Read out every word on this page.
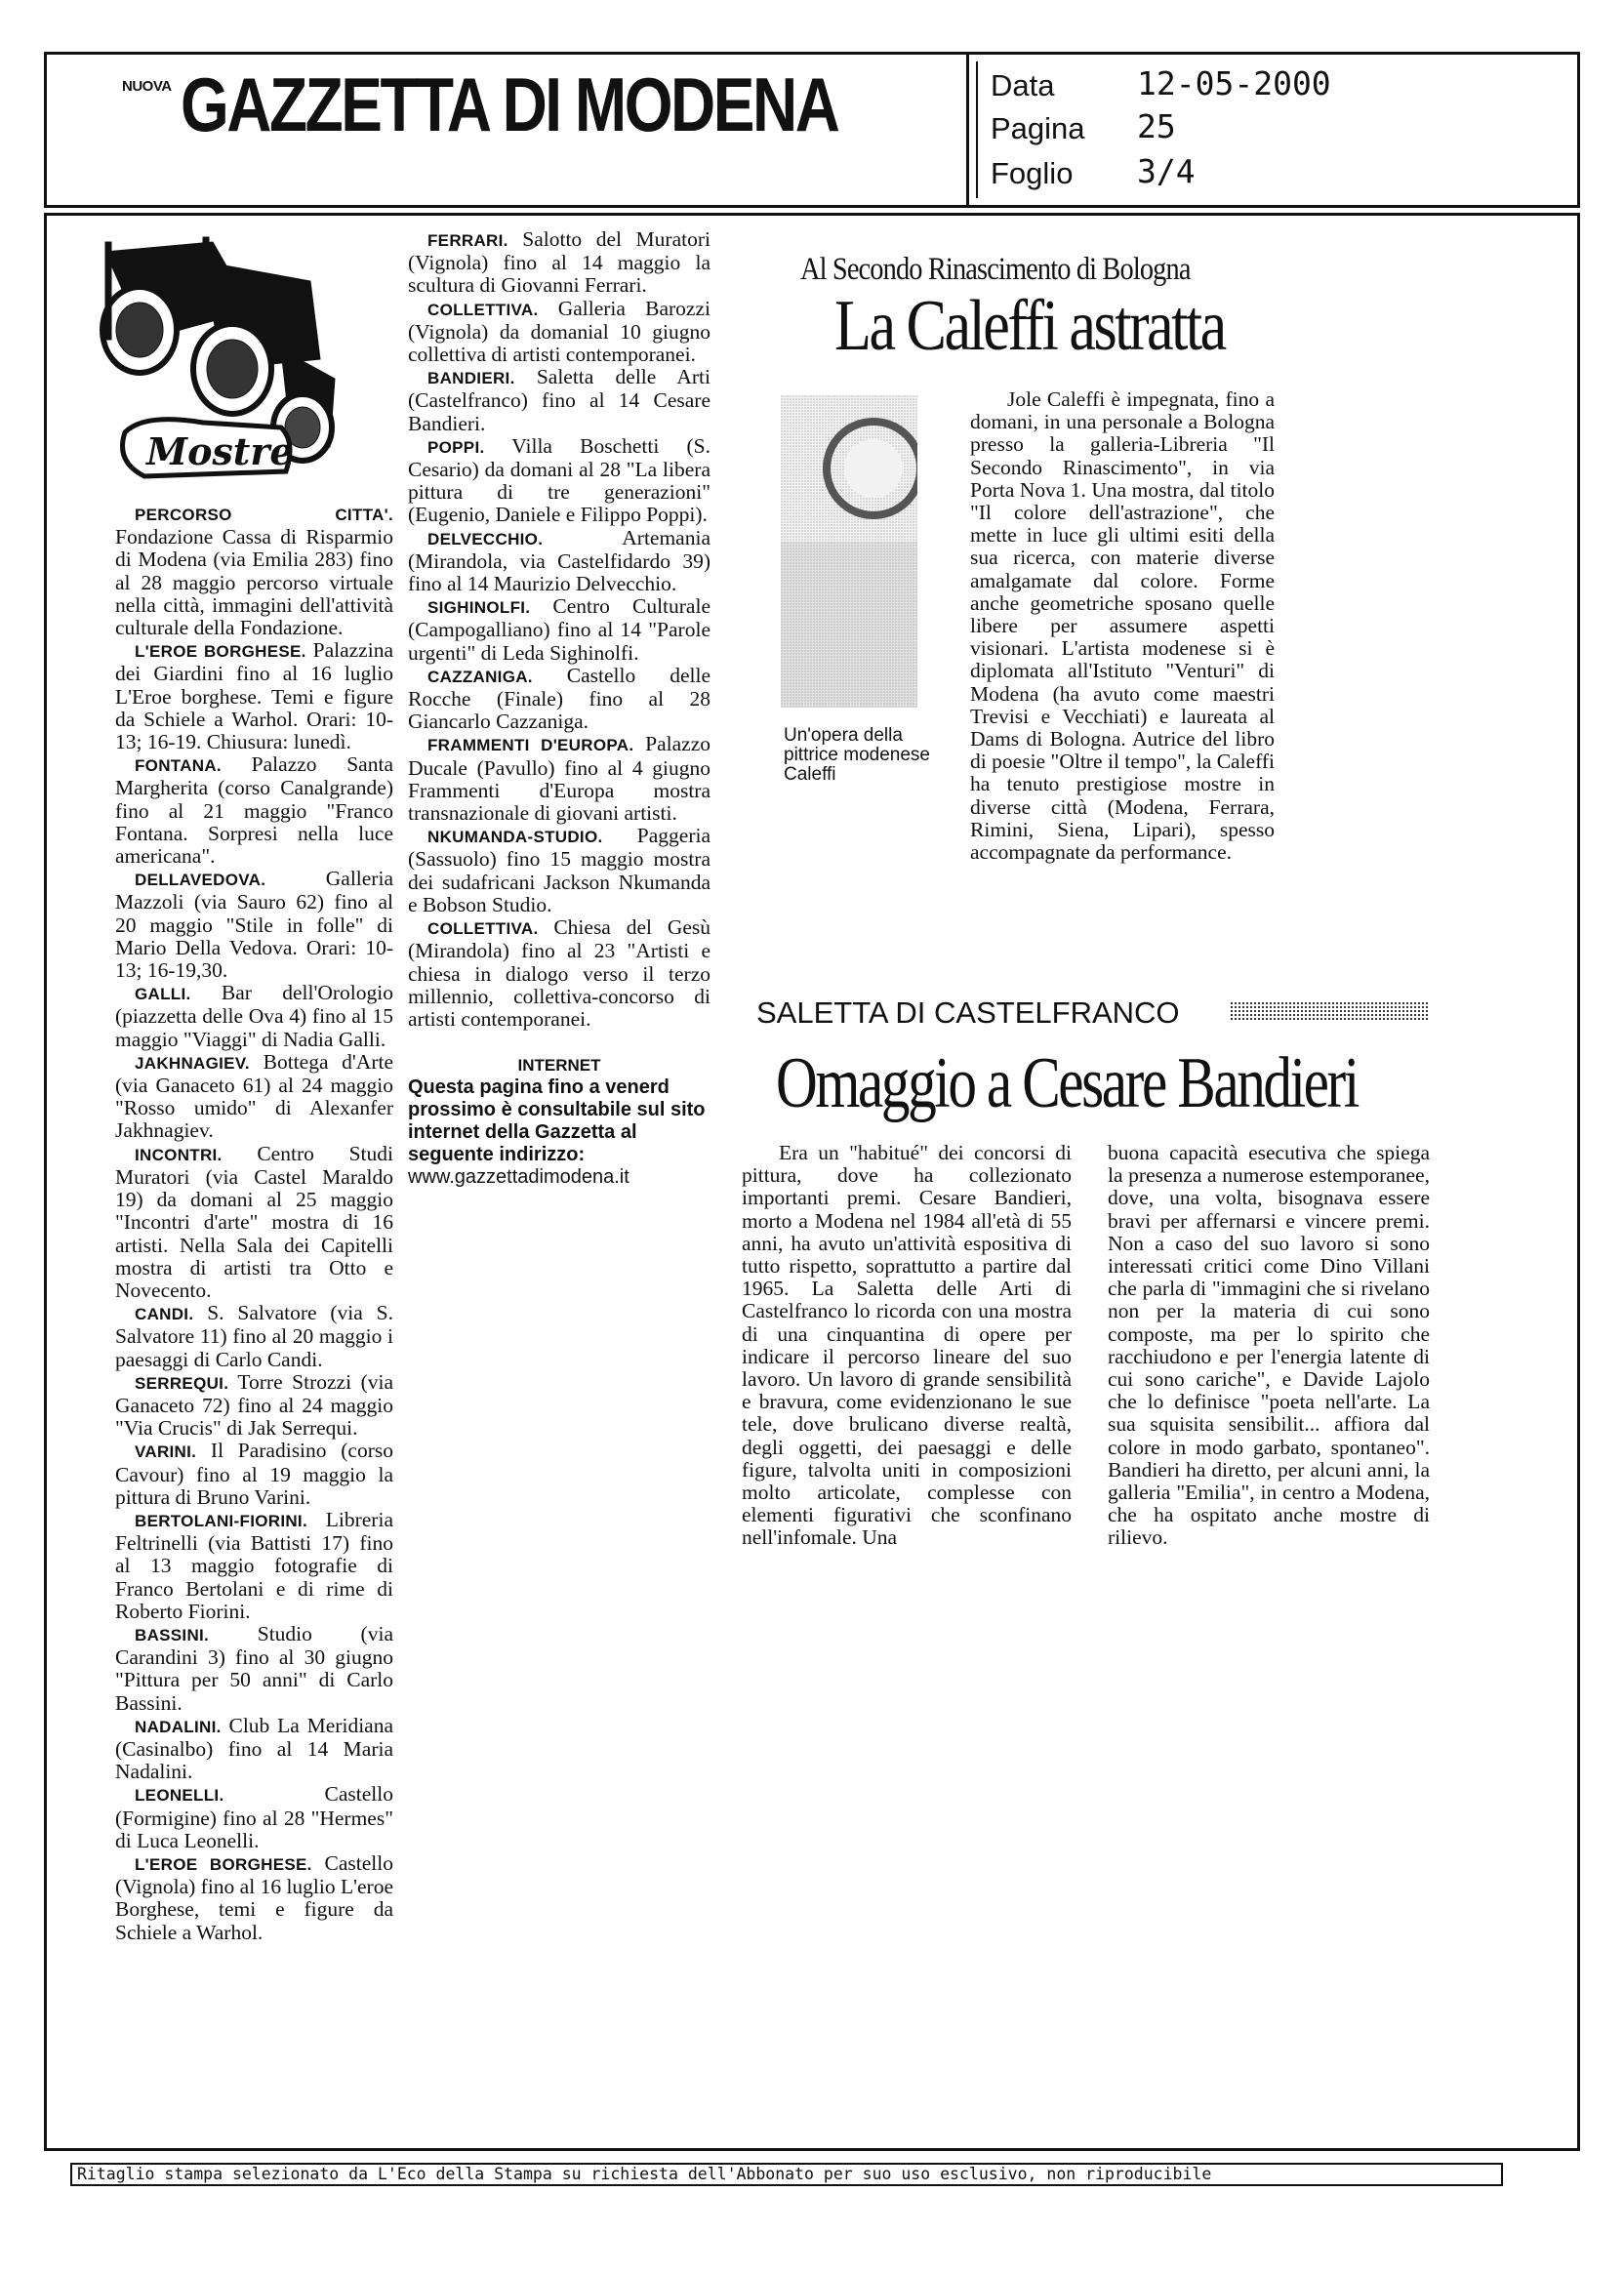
NUOVA GAZZETTA DI MODENA	Data	12-05-2000
Pagina 25
Foglio 3/4
Mostre

PERCORSO CITTA'. Fondazione Cassa di Risparmio di Modena (via Emilia 283) fino al 28 maggio percorso virtuale nella città, immagini dell'attività culturale della Fondazione.

L'EROE BORGHESE. Palazzina dei Giardini fino al 16 luglio L'Eroe borghese. Temi e figure da Schiele a Warhol. Orari: 10-13; 16-19. Chiusura: lunedì.

FONTANA. Palazzo Santa Margherita (corso Canalgrande) fino al 21 maggio "Franco Fontana. Sorpresi nella luce americana".

DELLAVEDOVA. Galleria Mazzoli (via Sauro 62) fino al 20 maggio "Stile in folle" di Mario Della Vedova. Orari: 10-13; 16-19,30.

GALLI. Bar dell'Orologio (piazzetta delle Ova 4) fino al 15 maggio "Viaggi" di Nadia Galli.

JAKHNAGIEV. Bottega d'Arte (via Ganaceto 61) al 24 maggio "Rosso umido" di Alexanfer Jakhnagiev.

INCONTRI. Centro Studi Muratori (via Castel Maraldo 19) da domani al 25 maggio "Incontri d'arte" mostra di 16 artisti. Nella Sala dei Capitelli mostra di artisti tra Otto e Novecento.

CANDI. S. Salvatore (via S. Salvatore 11) fino al 20 maggio i paesaggi di Carlo Candi.

SERREQUI. Torre Strozzi (via Ganaceto 72) fino al 24 maggio "Via Crucis" di Jak Serrequi.

VARINI. Il Paradisino (corso Cavour) fino al 19 maggio la pittura di Bruno Varini.

BERTOLANI-FIORINI. Libreria Feltrinelli (via Battisti 17) fino al 13 maggio fotografie di Franco Bertolani e di rime di Roberto Fiorini.

BASSINI. Studio (via Carandini 3) fino al 30 giugno "Pittura per 50 anni" di Carlo Bassini.

NADALINI. Club La Meridiana (Casinalbo) fino al 14 Maria Nadalini.

LEONELLI. Castello (Formigine) fino al 28 "Hermes" di Luca Leonelli.

L'EROE BORGHESE. Castello (Vignola) fino al 16 luglio L'eroe Borghese, temi e figure da Schiele a Warhol.

FERRARI. Salotto del Muratori (Vignola) fino al 14 maggio la scultura di Giovanni Ferrari.

COLLETTIVA. Galleria Barozzi (Vignola) da domanial 10 giugno collettiva di artisti contemporanei.

BANDIERI. Saletta delle Arti (Castelfranco) fino al 14 Cesare Bandieri.

POPPI. Villa Boschetti (S. Cesario) da domani al 28 "La libera pittura di tre generazioni" (Eugenio, Daniele e Filippo Poppi).

DELVECCHIO. Artemania (Mirandola, via Castelfidardo 39) fino al 14 Maurizio Delvecchio.

SIGHINOLFI. Centro Culturale (Campogalliano) fino al 14 "Parole urgenti" di Leda Sighinolfi.

CAZZANIGA. Castello delle Rocche (Finale) fino al 28 Giancarlo Cazzaniga.

FRAMMENTI D'EUROPA. Palazzo Ducale (Pavullo) fino al 4 giugno Frammenti d'Europa mostra transnazionale di giovani artisti.

NKUMANDA-STUDIO. Paggeria (Sassuolo) fino 15 maggio mostra dei sudafricani Jackson Nkumanda e Bobson Studio.

COLLETTIVA. Chiesa del Gesù (Mirandola) fino al 23 "Artisti e chiesa in dialogo verso il terzo millennio, collettiva-concorso di artisti contemporanei.

INTERNET
Questa pagina fino a venerd prossimo è consultabile sul sito internet della Gazzetta al seguente indirizzo:
www.gazzettadimodena.it
Al Secondo Rinascimento di Bologna
La Caleffi astratta
Un'opera della pittrice modenese Caleffi

Jole Caleffi è impegnata, fino a domani, in una personale a Bologna presso la galleria-Libreria "Il Secondo Rinascimento", in via Porta Nova 1. Una mostra, dal titolo "Il colore dell'astrazione", che mette in luce gli ultimi esiti della sua ricerca, con materie diverse amalgamate dal colore. Forme anche geometriche sposano quelle libere per assumere aspetti visionari. L'artista modenese si è diplomata all'Istituto "Venturi" di Modena (ha avuto come maestri Trevisi e Vecchiati) e laureata al Dams di Bologna. Autrice del libro di poesie "Oltre il tempo", la Caleffi ha tenuto prestigiose mostre in diverse città (Modena, Ferrara, Rimini, Siena, Lipari), spesso accompagnate da performance.

SALETTA DI CASTELFRANCO
Omaggio a Cesare Bandieri

Era un "habitué" dei concorsi di pittura, dove ha collezionato importanti premi. Cesare Bandieri, morto a Modena nel 1984 all'età di 55 anni, ha avuto un'attività espositiva di tutto rispetto, soprattutto a partire dal 1965. La Saletta delle Arti di Castelfranco lo ricorda con una mostra di una cinquantina di opere per indicare il percorso lineare del suo lavoro. Un lavoro di grande sensibilità e bravura, come evidenzionano le sue tele, dove brulicano diverse realtà, degli oggetti, dei paesaggi e delle figure, talvolta uniti in composizioni molto articolate, complesse con elementi figurativi che sconfinano nell'infomale. Una

buona capacità esecutiva che spiega la presenza a numerose estemporanee, dove, una volta, bisognava essere bravi per affernarsi e vincere premi. Non a caso del suo lavoro si sono interessati critici come Dino Villani che parla di "immagini che si rivelano non per la materia di cui sono composte, ma per lo spirito che racchiudono e per l'energia latente di cui sono cariche", e Davide Lajolo che lo definisce "poeta nell'arte. La sua squisita sensibilit... affiora dal colore in modo garbato, spontaneo". Bandieri ha diretto, per alcuni anni, la galleria "Emilia", in centro a Modena, che ha ospitato anche mostre di rilievo.

Ritaglio stampa selezionato da L'Eco della Stampa su richiesta dell'Abbonato per suo uso esclusivo, non riproducibile
